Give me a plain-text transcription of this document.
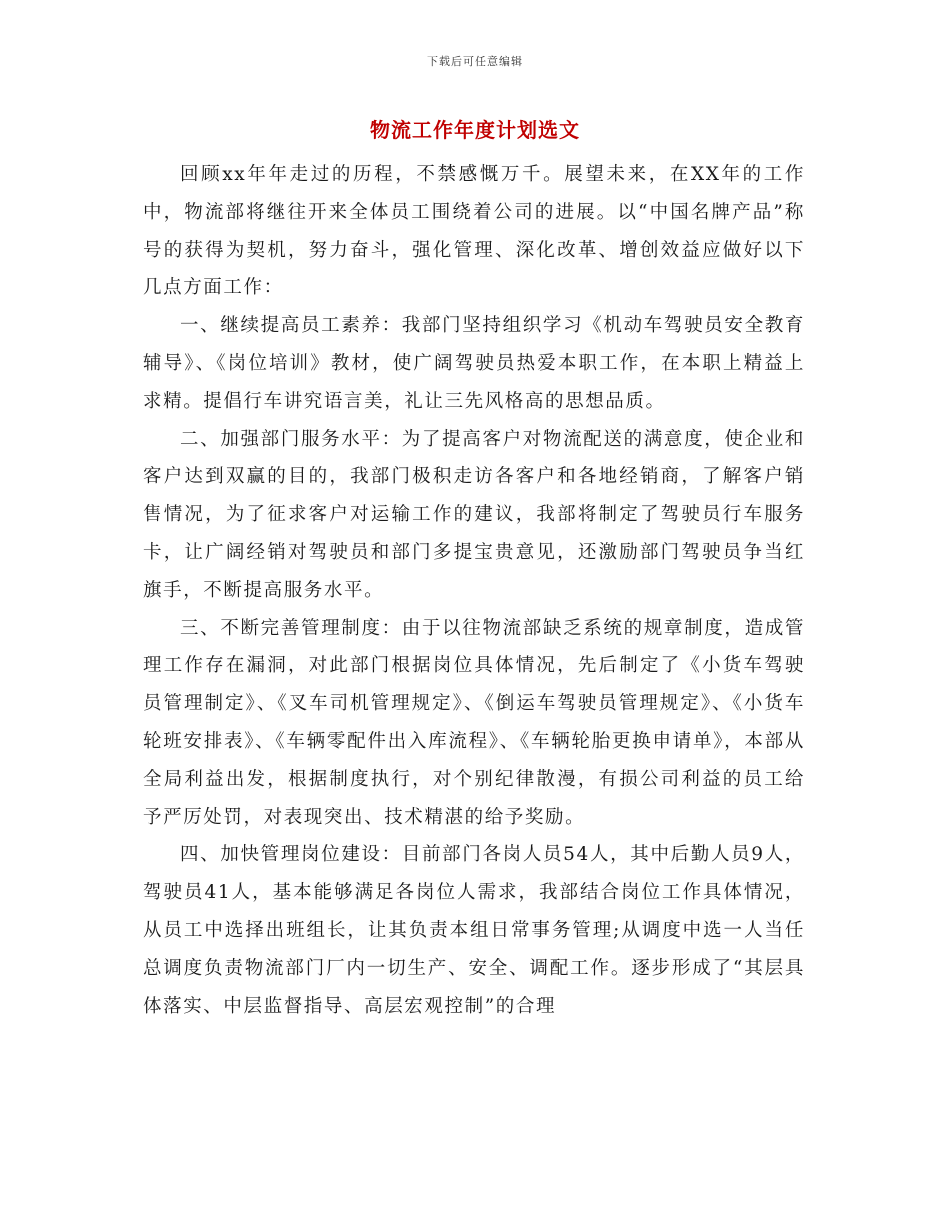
下载后可任意编辑
物流工作年度计划选文

回顾xx年年走过的历程，不禁感慨万千。展望未来，在XX年的工作中，物流部将继往开来全体员工围绕着公司的进展。以“中国名牌产品”称号的获得为契机，努力奋斗，强化管理、深化改革、增创效益应做好以下几点方面工作：

一、继续提高员工素养：我部门坚持组织学习《机动车驾驶员安全教育辅导》、《岗位培训》教材，使广阔驾驶员热爱本职工作，在本职上精益上求精。提倡行车讲究语言美，礼让三先风格高的思想品质。

二、加强部门服务水平：为了提高客户对物流配送的满意度，使企业和客户达到双赢的目的，我部门极积走访各客户和各地经销商，了解客户销售情况，为了征求客户对运输工作的建议，我部将制定了驾驶员行车服务卡，让广阔经销对驾驶员和部门多提宝贵意见，还激励部门驾驶员争当红旗手，不断提高服务水平。

三、不断完善管理制度：由于以往物流部缺乏系统的规章制度，造成管理工作存在漏洞，对此部门根据岗位具体情况，先后制定了《小货车驾驶员管理制定》、《叉车司机管理规定》、《倒运车驾驶员管理规定》、《小货车轮班安排表》、《车辆零配件出入库流程》、《车辆轮胎更换申请单》，本部从全局利益出发，根据制度执行，对个别纪律散漫，有损公司利益的员工给予严厉处罚，对表现突出、技术精湛的给予奖励。

四、加快管理岗位建设：目前部门各岗人员54人，其中后勤人员9人，驾驶员41人，基本能够满足各岗位人需求，我部结合岗位工作具体情况，从员工中选择出班组长，让其负责本组日常事务管理;从调度中选一人当任总调度负责物流部门厂内一切生产、安全、调配工作。逐步形成了“其层具体落实、中层监督指导、高层宏观控制”的合理
